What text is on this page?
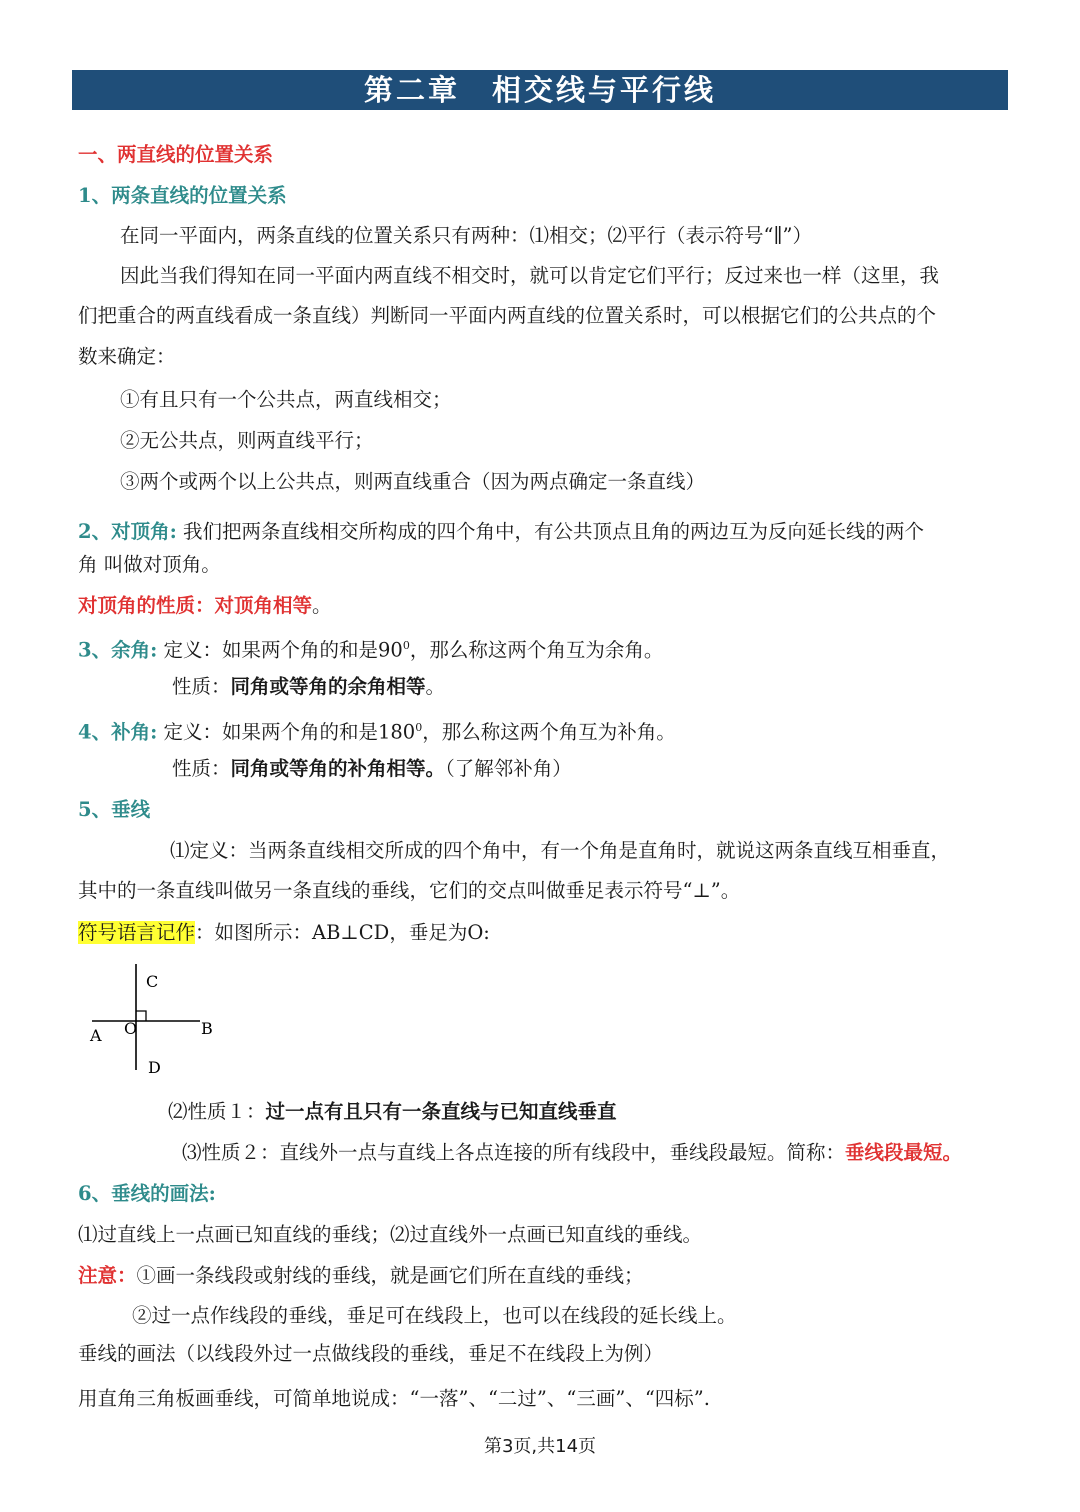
第二章　相交线与平行线
一、两直线的位置关系
1、两条直线的位置关系
在同一平面内，两条直线的位置关系只有两种：⑴相交；⑵平行（表示符号“∥”）
因此当我们得知在同一平面内两直线不相交时，就可以肯定它们平行；反过来也一样（这里，我
们把重合的两直线看成一条直线）判断同一平面内两直线的位置关系时，可以根据它们的公共点的个
数来确定：
①有且只有一个公共点，两直线相交；
②无公共点，则两直线平行；
③两个或两个以上公共点，则两直线重合（因为两点确定一条直线）
2、对顶角: 我们把两条直线相交所构成的四个角中，有公共顶点且角的两边互为反向延长线的两个
角 叫做对顶角。
对顶角的性质：对顶角相等。
3、余角: 定义：如果两个角的和是$90^0$，那么称这两个角互为余角。
性质：同角或等角的余角相等。
4、补角: 定义：如果两个角的和是$180^0$，那么称这两个角互为补角。
性质：同角或等角的补角相等。（了解邻补角）
5、垂线
⑴定义：当两条直线相交所成的四个角中，有一个角是直角时，就说这两条直线互相垂直，
其中的一条直线叫做另一条直线的垂线，它们的交点叫做垂足表示符号“⊥”。
符号语言记作：如图所示：AB⊥CD，垂足为O:
C
A O	B
D
⑵性质１：过一点有且只有一条直线与已知直线垂直
⑶性质２：直线外一点与直线上各点连接的所有线段中，垂线段最短。简称：垂线段最短。
6、垂线的画法:
⑴过直线上一点画已知直线的垂线；⑵过直线外一点画已知直线的垂线。
注意：①画一条线段或射线的垂线，就是画它们所在直线的垂线；
②过一点作线段的垂线，垂足可在线段上，也可以在线段的延长线上。
垂线的画法（以线段外过一点做线段的垂线，垂足不在线段上为例）
用直角三角板画垂线，可简单地说成：“一落”、“二过”、“三画”、“四标”.
第3页,共14页
